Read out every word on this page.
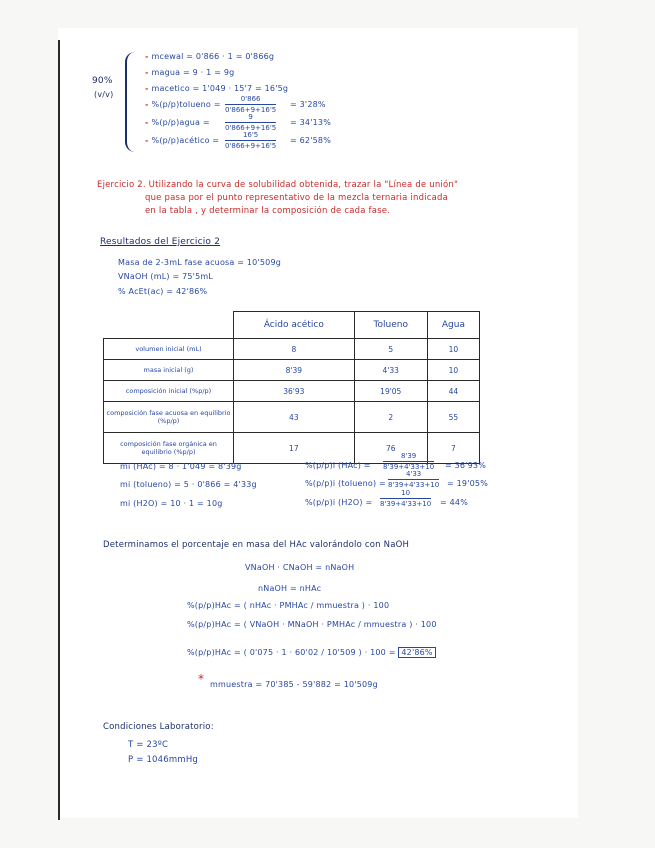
90%
(v/v)
- mcewal = 0'866 · 1 = 0'866g
- magua = 9 · 1 = 9g
- macetico = 1'049 · 15'7 = 16'5g
- %(p/p)tolueno = $\frac{0'866}{0'866+9+16'5} = 3'28\%$
- %(p/p)agua = $\frac{9}{0'866+9+16'5} = 34'13\%$
- %(p/p)acético = $\frac{16'5}{0'866+9+16'5} = 62'58\%$
Ejercicio 2. Utilizando la curva de solubilidad obtenida, trazar la "Línea de unión"
que pasa por el punto representativo de la mezcla ternaria indicada
en la tabla , y determinar la composición de cada fase.
Resultados del Ejercicio 2
Masa de 2-3mL fase acuosa = 10'509g
VNaOH (mL) = 75'5mL
% AcEt(ac) = 42'86%
	Ácido acético	Tolueno	Agua
volumen inicial (mL)	8	5	10
masa inicial (g)	8'39	4'33	10
composición inicial (%p/p)	36'93	19'05	44
composición fase acuosa en equilibrio (%p/p)	43	2	55
composición fase orgánica en equilibrio (%p/p)	17	76	7
mi (HAc) = 8 · 1'049 = 8'39g
mi (tolueno) = 5 · 0'866 = 4'33g
mi (H2O) = 10 · 1 = 10g
%(p/p)i $(HAc) = \frac{8'39}{8'39+4'33+10} = 36'93\%$
%(p/p)i (tolueno) = $\frac{4'33}{8'39+4'33+10} = 19'05\%$
%(p/p)i $(H2O) = \frac{10}{8'39+4'33+10} = 44\%$
Determinamos el porcentaje en masa del HAc valorándolo con NaOH
VNaOH · CNaOH = nNaOH
nNaOH = nHAc
%(p/p)HAc = ( nHAc · PMHAc / mmuestra ) · 100
%(p/p)HAc = ( VNaOH · MNaOH · PMHAc / mmuestra ) · 100
%(p/p)HAc = ( 0'075 · 1 · 60'02 / 10'509 ) · 100 = 42'86%
* mmuestra = 70'385 - 59'882 = 10'509g
Condiciones Laboratorio:
T = 23ºC
P = 1046mmHg
